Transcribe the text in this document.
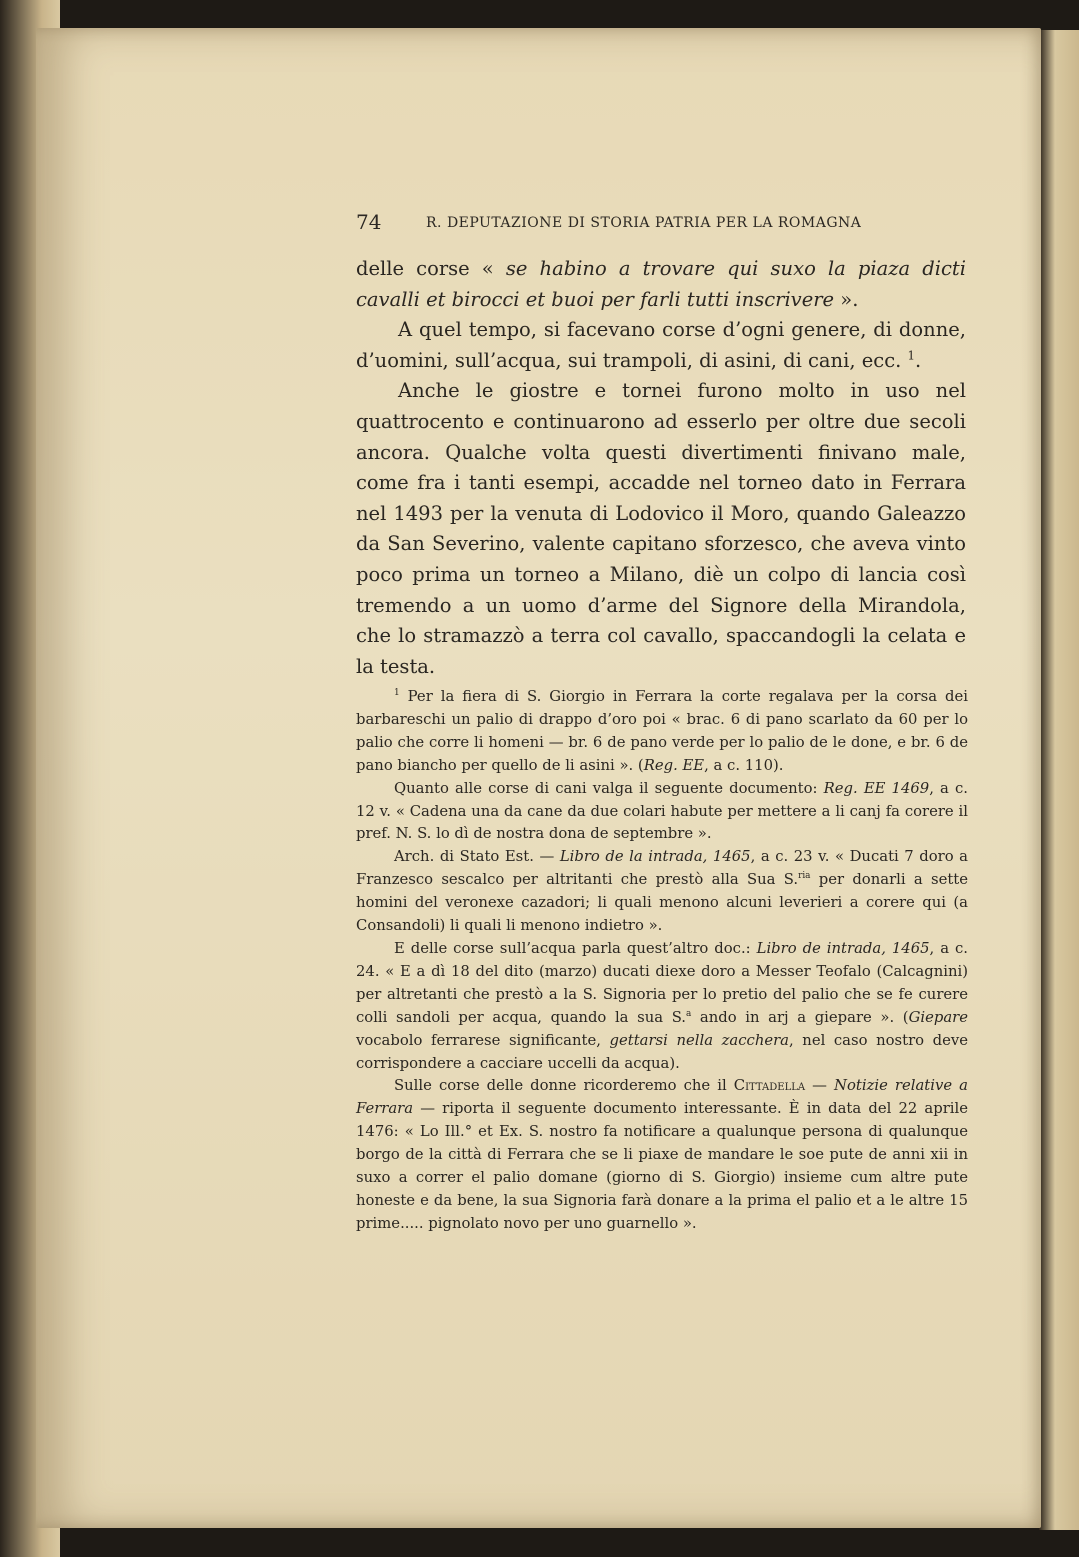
74	R. DEPUTAZIONE DI STORIA PATRIA PER LA ROMAGNA

delle corse « se habino a trovare qui suxo la piaza dicti cavalli et birocci et buoi per farli tutti inscrivere ».

A quel tempo, si facevano corse d’ogni genere, di donne, d’uomini, sull’acqua, sui trampoli, di asini, di cani, ecc. $^1$.

Anche le giostre e tornei furono molto in uso nel quattrocento e continuarono ad esserlo per oltre due secoli ancora. Qualche volta questi divertimenti finivano male, come fra i tanti esempi, accadde nel torneo dato in Ferrara nel 1493 per la venuta di Lodovico il Moro, quando Galeazzo da San Severino, valente capitano sforzesco, che aveva vinto poco prima un torneo a Milano, diè un colpo di lancia così tremendo a un uomo d’arme del Signore della Mirandola, che lo stramazzò a terra col cavallo, spaccandogli la celata e la testa.

$^1$ Per la fiera di S. Giorgio in Ferrara la corte regalava per la corsa dei barbareschi un palio di drappo d’oro poi « brac. 6 di pano scarlato da 60 per lo palio che corre li homeni — br. 6 de pano verde per lo palio de le done, e br. 6 de pano biancho per quello de li asini ». (Reg. EE, a c. 110).

Quanto alle corse di cani valga il seguente documento: Reg. EE 1469, a c. 12 v. « Cadena una da cane da due colari habute per mettere a li canj fa corere il pref. N. S. lo dì de nostra dona de septembre ».

Arch. di Stato Est. — Libro de la intrada, 1465, a c. 23 v. « Ducati 7 doro a Franzesco sescalco per altritanti che prestò alla Sua S.$^{ria}$ per donarli a sette homini del veronexe cazadori; li quali menono alcuni leverieri a corere qui (a Consandoli) li quali li menono indietro ».

E delle corse sull’acqua parla quest’altro doc.: Libro de intrada, 1465, a c. 24. « E a dì 18 del dito (marzo) ducati diexe doro a Messer Teofalo (Calcagnini) per altretanti che prestò a la S. Signoria per lo pretio del palio che se fe curere colli sandoli per acqua, quando la sua S.$^a$ ando in arj a giepare ». (Giepare vocabolo ferrarese significante, gettarsi nella zacchera, nel caso nostro deve corrispondere a cacciare uccelli da acqua).

Sulle corse delle donne ricorderemo che il Cittadella — Notizie relative a Ferrara — riporta il seguente documento interessante. È in data del 22 aprile 1476: « Lo Ill.° et Ex. S. nostro fa notificare a qualunque persona di qualunque borgo de la città di Ferrara che se li piaxe de mandare le soe pute de anni xii in suxo a correr el palio domane (giorno di S. Giorgio) insieme cum altre pute honeste e da bene, la sua Signoria farà donare a la prima el palio et a le altre 15 prime..... pignolato novo per uno guarnello ».
